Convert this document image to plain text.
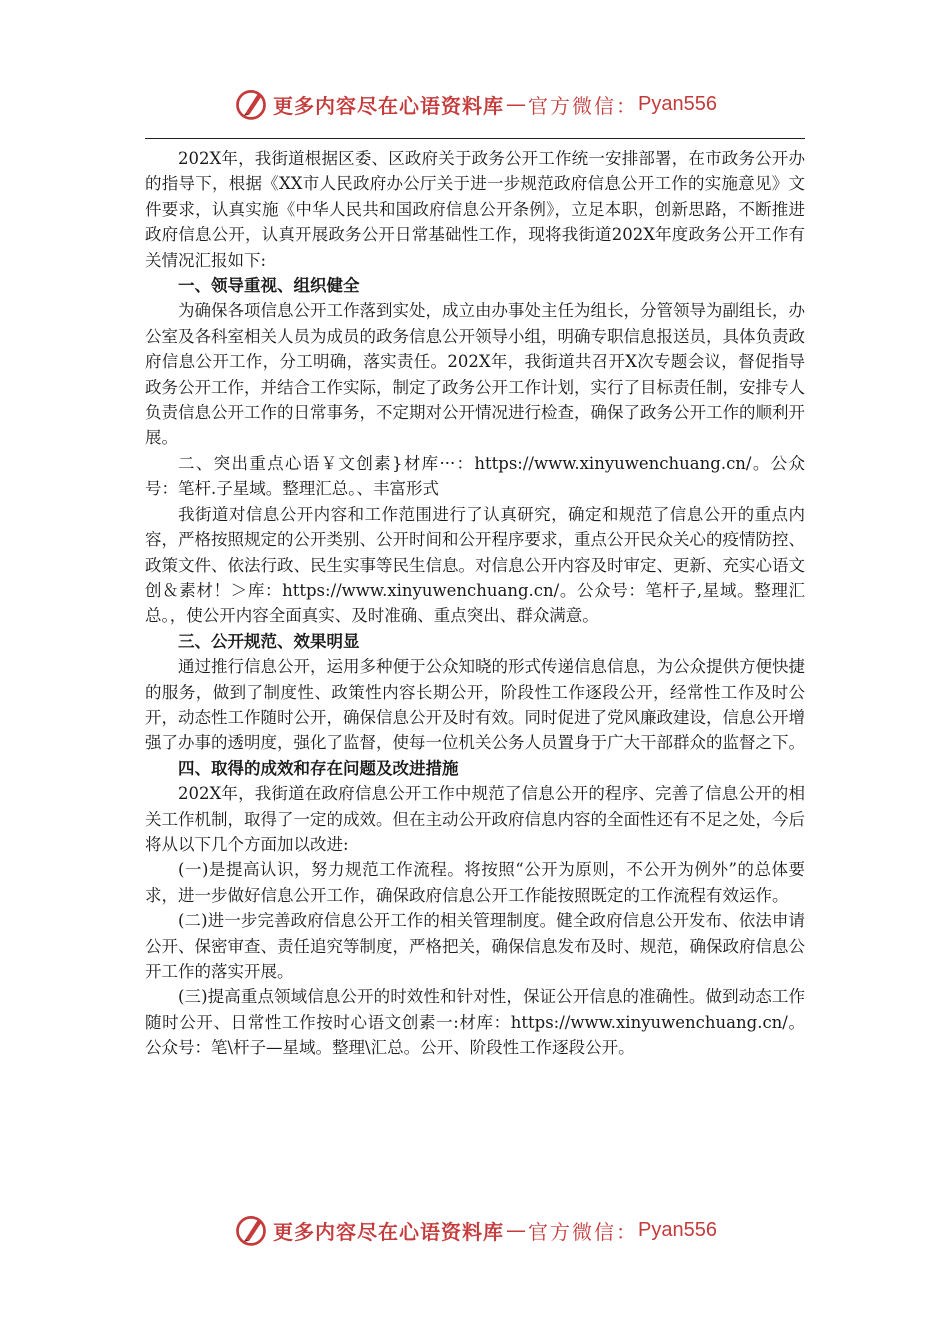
更多内容尽在心语资料库 — 官方微信： Pyan556

202X年，我街道根据区委、区政府关于政务公开工作统一安排部署，在市政务公开办的指导下，根据《XX市人民政府办公厅关于进一步规范政府信息公开工作的实施意见》文件要求，认真实施《中华人民共和国政府信息公开条例》，立足本职，创新思路，不断推进政府信息公开，认真开展政务公开日常基础性工作，现将我街道202X年度政务公开工作有关情况汇报如下:

一、领导重视、组织健全

为确保各项信息公开工作落到实处，成立由办事处主任为组长，分管领导为副组长，办公室及各科室相关人员为成员的政务信息公开领导小组，明确专职信息报送员，具体负责政府信息公开工作，分工明确，落实责任。202X年，我街道共召开X次专题会议，督促指导政务公开工作，并结合工作实际，制定了政务公开工作计划，实行了目标责任制，安排专人负责信息公开工作的日常事务，不定期对公开情况进行检查，确保了政务公开工作的顺利开展。

二、突出重点心语￥文创素}材库···：https://www.xinyuwenchuang.cn/。公众号：笔杆.子星域。整理汇总。、丰富形式

我街道对信息公开内容和工作范围进行了认真研究，确定和规范了信息公开的重点内容，严格按照规定的公开类别、公开时间和公开程序要求，重点公开民众关心的疫情防控、政策文件、依法行政、民生实事等民生信息。对信息公开内容及时审定、更新、充实心语文创＆素材！＞库：https://www.xinyuwenchuang.cn/。公众号：笔杆子,星域。整理汇总。，使公开内容全面真实、及时准确、重点突出、群众满意。

三、公开规范、效果明显

通过推行信息公开，运用多种便于公众知晓的形式传递信息信息，为公众提供方便快捷的服务，做到了制度性、政策性内容长期公开，阶段性工作逐段公开，经常性工作及时公开，动态性工作随时公开，确保信息公开及时有效。同时促进了党风廉政建设，信息公开增强了办事的透明度，强化了监督，使每一位机关公务人员置身于广大干部群众的监督之下。

四、取得的成效和存在问题及改进措施

202X年，我街道在政府信息公开工作中规范了信息公开的程序、完善了信息公开的相关工作机制，取得了一定的成效。但在主动公开政府信息内容的全面性还有不足之处，今后将从以下几个方面加以改进:

(一)是提高认识，努力规范工作流程。将按照“公开为原则，不公开为例外”的总体要求，进一步做好信息公开工作，确保政府信息公开工作能按照既定的工作流程有效运作。

(二)进一步完善政府信息公开工作的相关管理制度。健全政府信息公开发布、依法申请公开、保密审查、责任追究等制度，严格把关，确保信息发布及时、规范，确保政府信息公开工作的落实开展。

(三)提高重点领域信息公开的时效性和针对性，保证公开信息的准确性。做到动态工作随时公开、日常性工作按时心语文创素一:材库：https://www.xinyuwenchuang.cn/。公众号：笔\杆子—星域。整理\汇总。公开、阶段性工作逐段公开。

更多内容尽在心语资料库 — 官方微信： Pyan556
